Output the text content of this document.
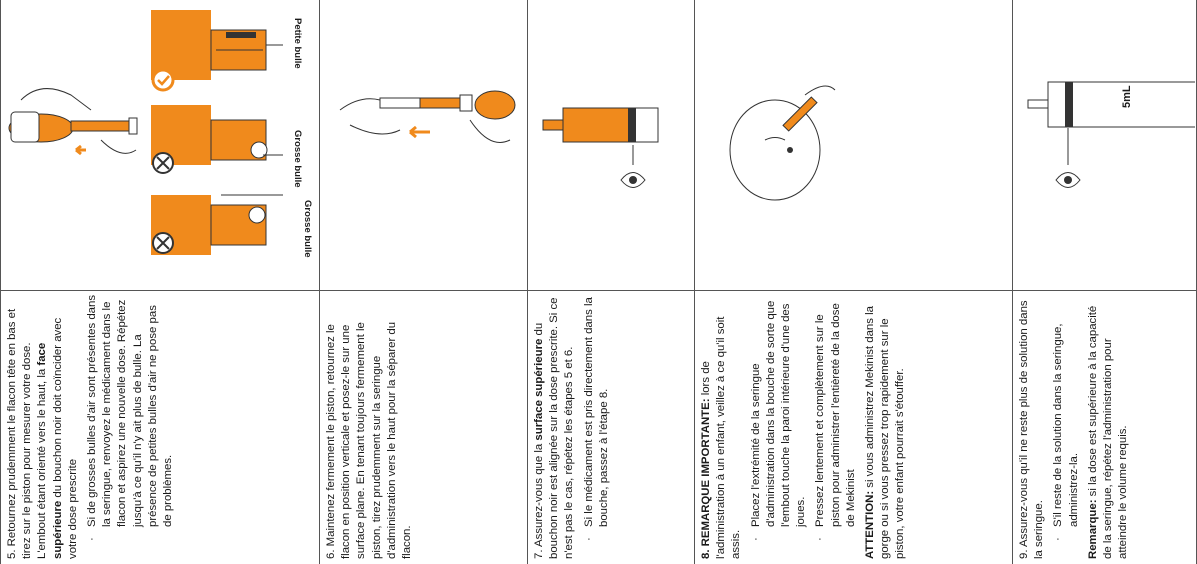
Petite bulle
Grosse bulle
Grosse bulle

5. Retournez prudemment le flacon tête en bas et tirez sur le piston pour mesurer votre dose. L'embout étant orienté vers le haut, la face supérieure du bouchon noir doit coïncider avec votre dose prescrite · Si de grosses bulles d'air sont présentes dans la seringue, renvoyez le médicament dans le flacon et aspirez une nouvelle dose. Répétez jusqu'à ce qu'il n'y ait plus de bulle. La présence de petites bulles d'air ne pose pas de problèmes.	6. Maintenez fermement le piston, retournez le flacon en position verticale et posez-le sur une surface plane. En tenant toujours fermement le piston, tirez prudemment sur la seringue d'administration vers le haut pour la séparer du flacon.	7. Assurez-vous que la surface supérieure du bouchon noir est alignée sur la dose prescrite. Si ce n'est pas le cas, répétez les étapes 5 et 6. · Si le médicament est pris directement dans la bouche, passez à l'étape 8.	8. REMARQUE IMPORTANTE: lors de l'administration à un enfant, veillez à ce qu'il soit assis.

· Placez l'extrémité de la seringue d'administration dans la bouche de sorte que l'embout touche la paroi intérieure d'une des joues. · Pressez lentement et complètement sur le piston pour administrer l'entièreté de la dose de Mekinist ATTENTION: si vous administrez Mekinist dans la gorge ou si vous pressez trop rapidement sur le piston, votre enfant pourrait s'étouffer.

5mL

9. Assurez-vous qu'il ne reste plus de solution dans la seringue.

· S'il reste de la solution dans la seringue, administrez-la.

Remarque: si la dose est supérieure à la capacité de la seringue, répétez l'administration pour atteindre le volume requis.
